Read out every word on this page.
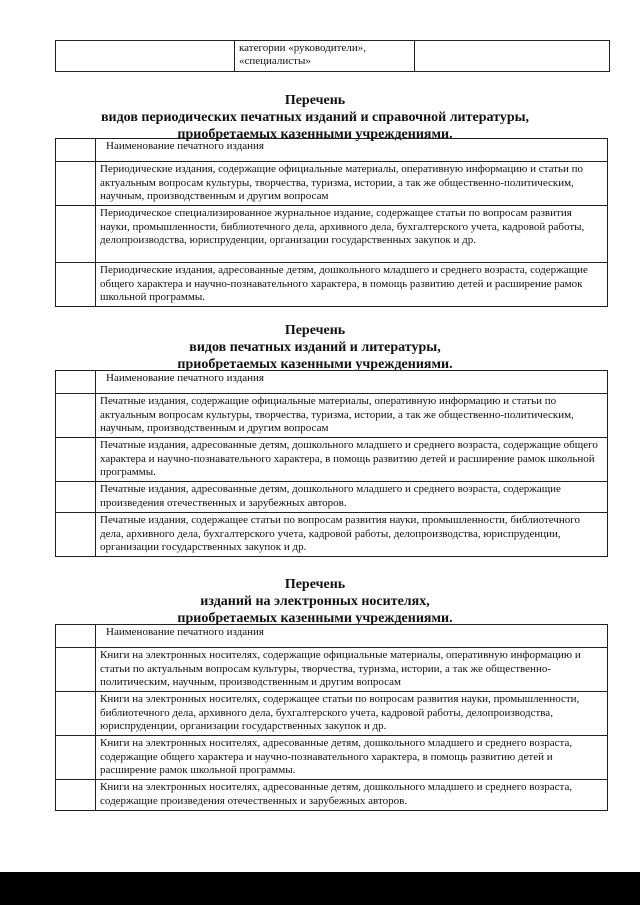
категории «руководители»,
«специалисты»

Перечень
видов периодических печатных изданий и справочной литературы,
приобретаемых казенными учреждениями.
	Наименование печатного издания
	Периодические издания, содержащие официальные материалы, оперативную информацию и статьи по актуальным вопросам культуры, творчества, туризма, истории, а так же общественно-политическим, научным, производственным и другим вопросам
	Периодическое специализированное журнальное издание, содержащее статьи по вопросам развития науки, промышленности, библиотечного дела, архивного дела, бухгалтерского учета, кадровой работы, делопроизводства, юриспруденции, организации государственных закупок и др.
	Периодические издания, адресованные детям, дошкольного младшего и среднего возраста, содержащие общего характера и научно-познавательного характера, в помощь развитию детей и расширение рамок школьной программы.
Перечень
видов печатных изданий и литературы,
приобретаемых казенными учреждениями.
	Наименование печатного издания
	Печатные издания, содержащие официальные материалы, оперативную информацию и статьи по актуальным вопросам культуры, творчества, туризма, истории, а так же общественно-политическим, научным, производственным и другим вопросам
	Печатные издания, адресованные детям, дошкольного младшего и среднего возраста, содержащие общего характера и научно-познавательного характера, в помощь развитию детей и расширение рамок школьной программы.
	Печатные издания, адресованные детям, дошкольного младшего и среднего возраста, содержащие произведения отечественных и зарубежных авторов.
	Печатные издания, содержащее статьи по вопросам развития науки, промышленности, библиотечного дела, архивного дела, бухгалтерского учета, кадровой работы, делопроизводства, юриспруденции, организации государственных закупок и др.
Перечень
изданий на электронных носителях,
приобретаемых казенными учреждениями.
	Наименование печатного издания
	Книги на электронных носителях, содержащие официальные материалы, оперативную информацию и статьи по актуальным вопросам культуры, творчества, туризма, истории, а так же общественно-политическим, научным, производственным и другим вопросам
	Книги на электронных носителях, содержащее статьи по вопросам развития науки, промышленности, библиотечного дела, архивного дела, бухгалтерского учета, кадровой работы, делопроизводства, юриспруденции, организации государственных закупок и др.
	Книги на электронных носителях, адресованные детям, дошкольного младшего и среднего возраста, содержащие общего характера и научно-познавательного характера, в помощь развитию детей и расширение рамок школьной программы.
	Книги на электронных носителях, адресованные детям, дошкольного младшего и среднего возраста, содержащие произведения отечественных и зарубежных авторов.
